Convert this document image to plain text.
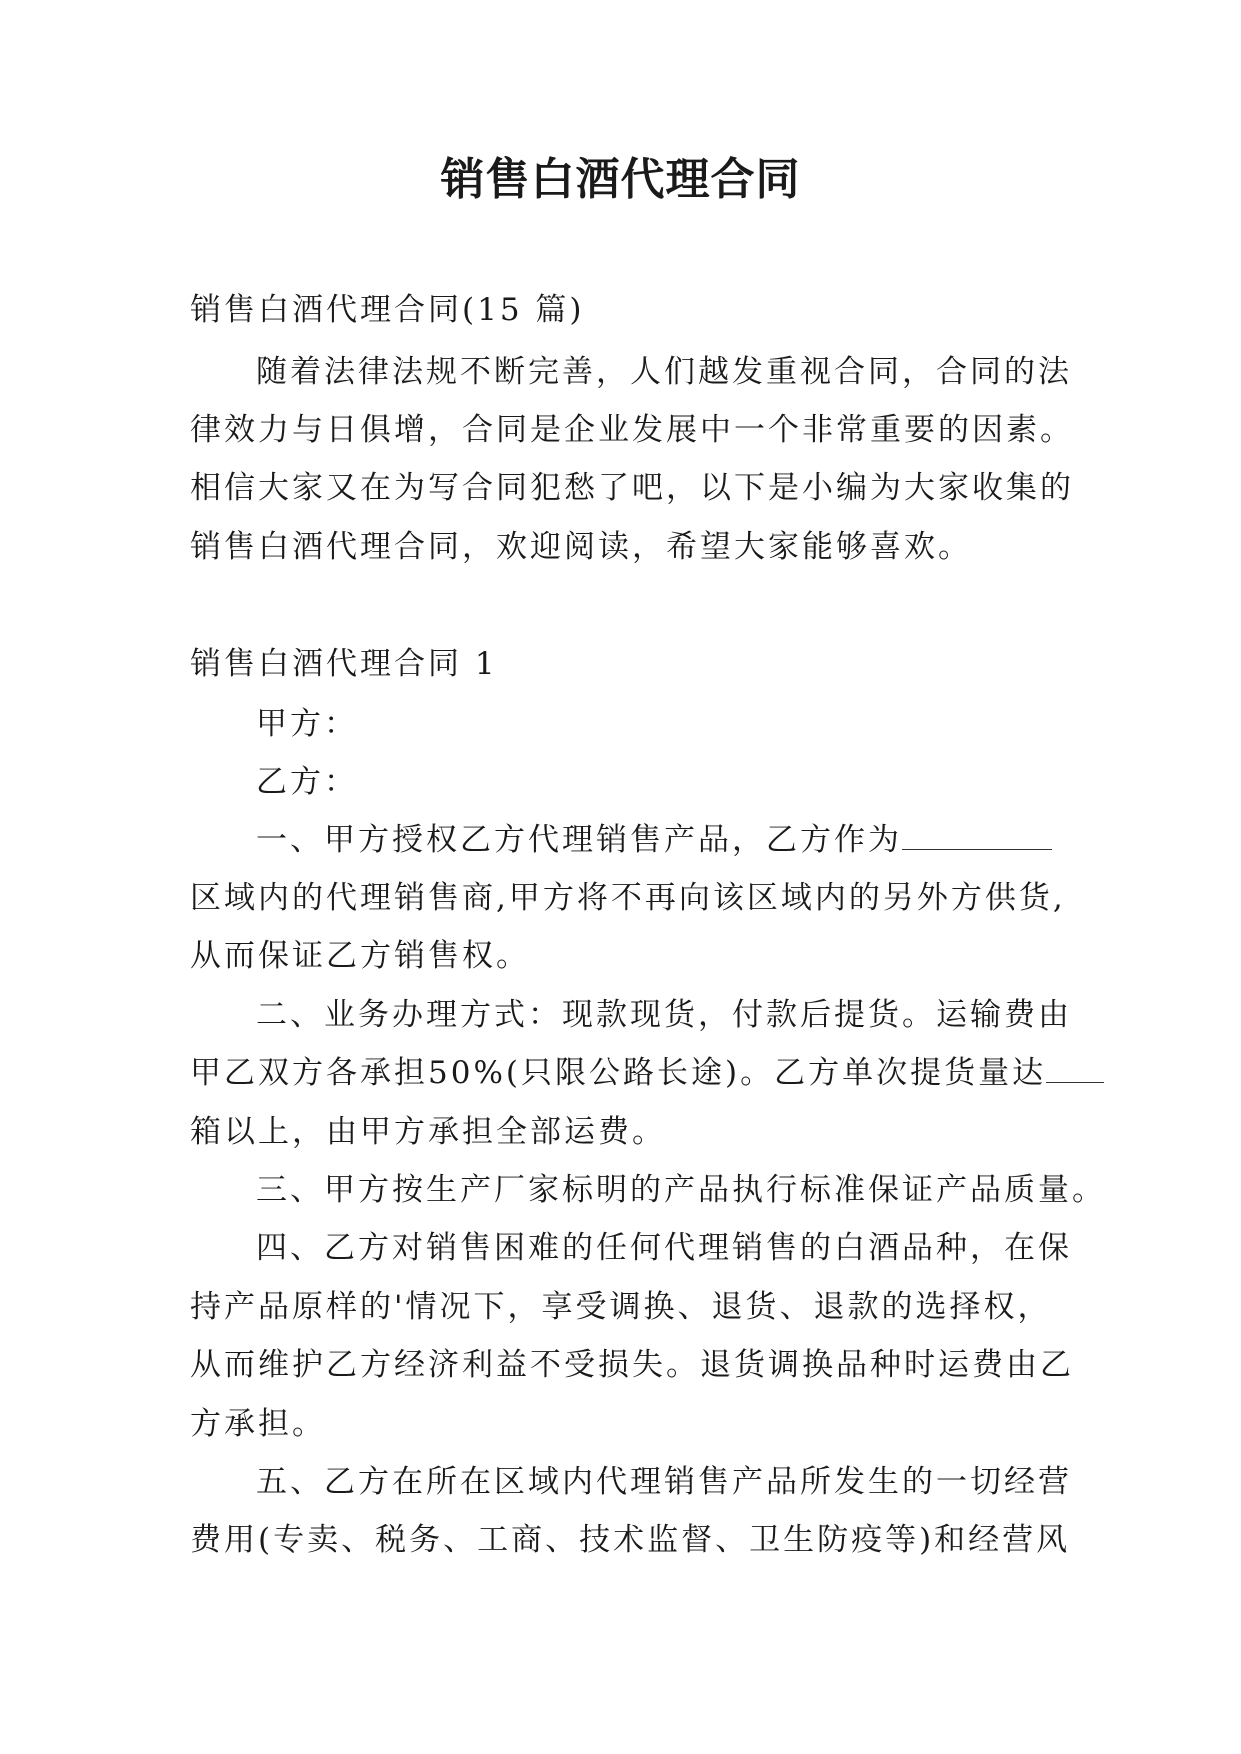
销售白酒代理合同
销售白酒代理合同(15 篇)
随着法律法规不断完善，人们越发重视合同，合同的法
律效力与日俱增，合同是企业发展中一个非常重要的因素。
相信大家又在为写合同犯愁了吧，以下是小编为大家收集的
销售白酒代理合同，欢迎阅读，希望大家能够喜欢。
销售白酒代理合同 1
甲方：
乙方：
一、甲方授权乙方代理销售产品，乙方作为
区域内的代理销售商,甲方将不再向该区域内的另外方供货,
从而保证乙方销售权。
二、业务办理方式：现款现货，付款后提货。运输费由
甲乙双方各承担50%(只限公路长途)。乙方单次提货量达
箱以上，由甲方承担全部运费。
三、甲方按生产厂家标明的产品执行标准保证产品质量。
四、乙方对销售困难的任何代理销售的白酒品种，在保
持产品原样的'情况下，享受调换、退货、退款的选择权，
从而维护乙方经济利益不受损失。退货调换品种时运费由乙
方承担。
五、乙方在所在区域内代理销售产品所发生的一切经营
费用(专卖、税务、工商、技术监督、卫生防疫等)和经营风
